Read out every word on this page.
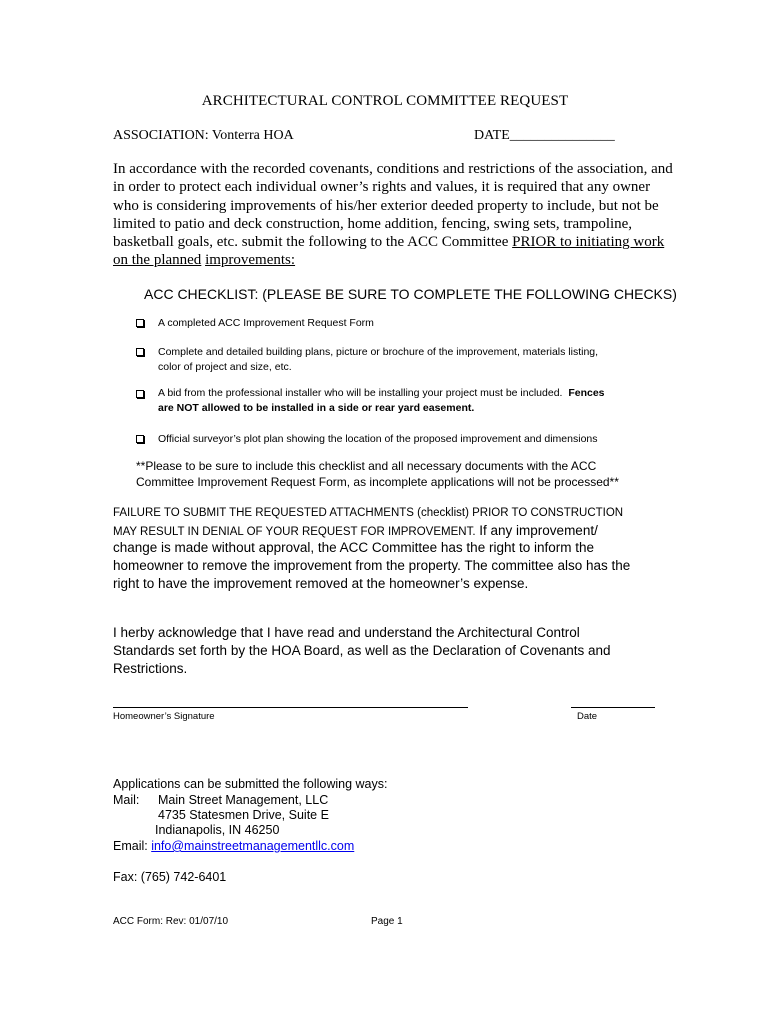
ARCHITECTURAL CONTROL COMMITTEE REQUEST
ASSOCIATION: Vonterra HOA	DATE_______________

In accordance with the recorded covenants, conditions and restrictions of the association, and in order to protect each individual owner’s rights and values, it is required that any owner who is considering improvements of his/her exterior deeded property to include, but not be limited to patio and deck construction, home addition, fencing, swing sets, trampoline, basketball goals, etc. submit the following to the ACC Committee PRIOR to initiating work on the planned improvements:

ACC CHECKLIST: (PLEASE BE SURE TO COMPLETE THE FOLLOWING CHECKS)
A completed ACC Improvement Request Form
Complete and detailed building plans, picture or brochure of the improvement, materials listing,
color of project and size, etc.
A bid from the professional installer who will be installing your project must be included. Fences
are NOT allowed to be installed in a side or rear yard easement.
Official surveyor’s plot plan showing the location of the proposed improvement and dimensions
**Please to be sure to include this checklist and all necessary documents with the ACC
Committee Improvement Request Form, as incomplete applications will not be processed**
FAILURE TO SUBMIT THE REQUESTED ATTACHMENTS (checklist) PRIOR TO CONSTRUCTION
MAY RESULT IN DENIAL OF YOUR REQUEST FOR IMPROVEMENT. If any improvement/
change is made without approval, the ACC Committee has the right to inform the
homeowner to remove the improvement from the property. The committee also has the
right to have the improvement removed at the homeowner’s expense.
I herby acknowledge that I have read and understand the Architectural Control
Standards set forth by the HOA Board, as well as the Declaration of Covenants and
Restrictions.
Homeowner’s Signature	Date
Applications can be submitted the following ways:
Mail: Main Street Management, LLC
4735 Statesmen Drive, Suite E
Indianapolis, IN 46250
Email: info@mainstreetmanagementllc.com
Fax: (765) 742-6401
ACC Form: Rev: 01/07/10	Page 1
